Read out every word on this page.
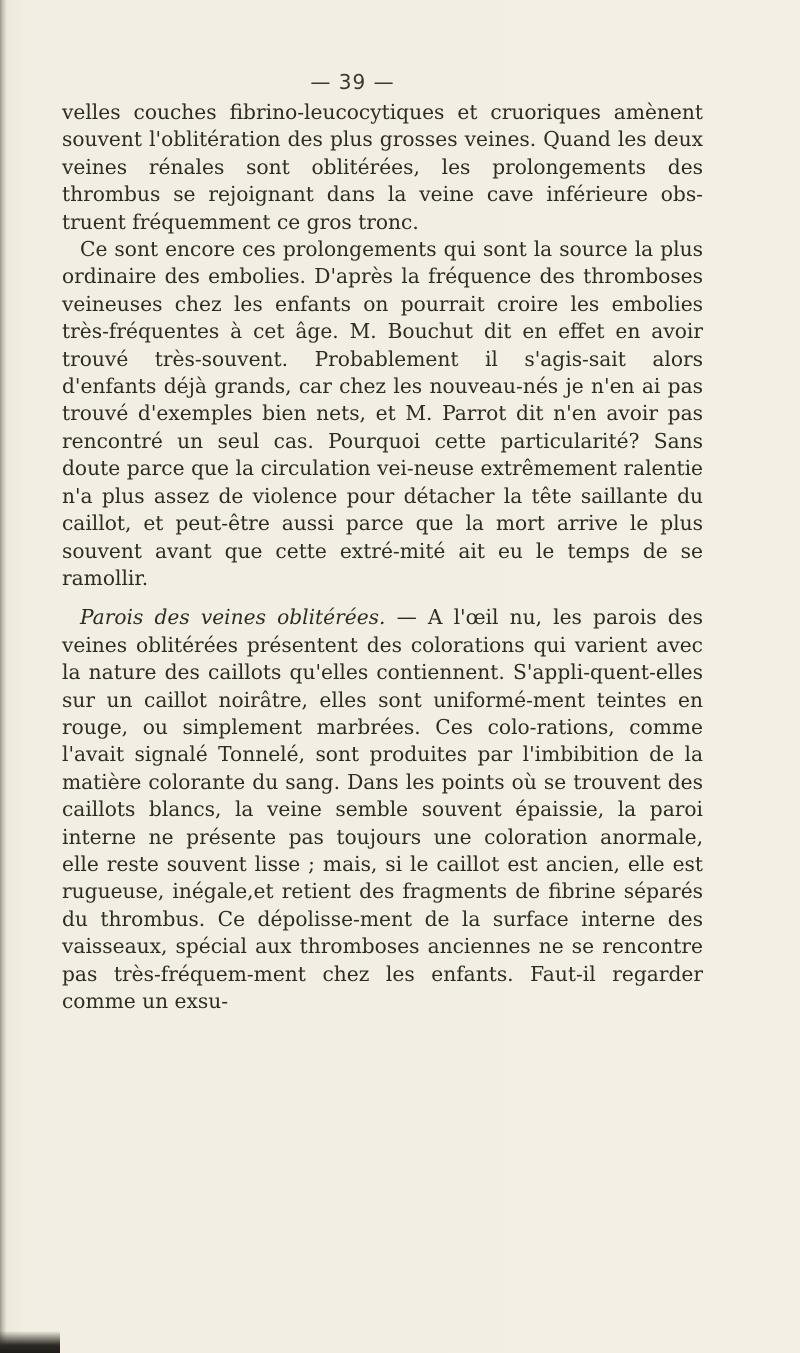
— 39 —

velles couches fibrino-leucocytiques et cruoriques amènent souvent l'oblitération des plus grosses veines. Quand les deux veines rénales sont oblitérées, les prolongements des thrombus se rejoignant dans la veine cave inférieure obs-truent fréquemment ce gros tronc.

Ce sont encore ces prolongements qui sont la source la plus ordinaire des embolies. D'après la fréquence des thromboses veineuses chez les enfants on pourrait croire les embolies très-fréquentes à cet âge. M. Bouchut dit en effet en avoir trouvé très-souvent. Probablement il s'agis-sait alors d'enfants déjà grands, car chez les nouveau-nés je n'en ai pas trouvé d'exemples bien nets, et M. Parrot dit n'en avoir pas rencontré un seul cas. Pourquoi cette particularité? Sans doute parce que la circulation vei-neuse extrêmement ralentie n'a plus assez de violence pour détacher la tête saillante du caillot, et peut-être aussi parce que la mort arrive le plus souvent avant que cette extré-mité ait eu le temps de se ramollir.

Parois des veines oblitérées. — A l'œil nu, les parois des veines oblitérées présentent des colorations qui varient avec la nature des caillots qu'elles contiennent. S'appli-quent-elles sur un caillot noirâtre, elles sont uniformé-ment teintes en rouge, ou simplement marbrées. Ces colo-rations, comme l'avait signalé Tonnelé, sont produites par l'imbibition de la matière colorante du sang. Dans les points où se trouvent des caillots blancs, la veine semble souvent épaissie, la paroi interne ne présente pas toujours une coloration anormale, elle reste souvent lisse ; mais, si le caillot est ancien, elle est rugueuse, inégale,et retient des fragments de fibrine séparés du thrombus. Ce dépolisse-ment de la surface interne des vaisseaux, spécial aux thromboses anciennes ne se rencontre pas très-fréquem-ment chez les enfants. Faut-il regarder comme un exsu-
